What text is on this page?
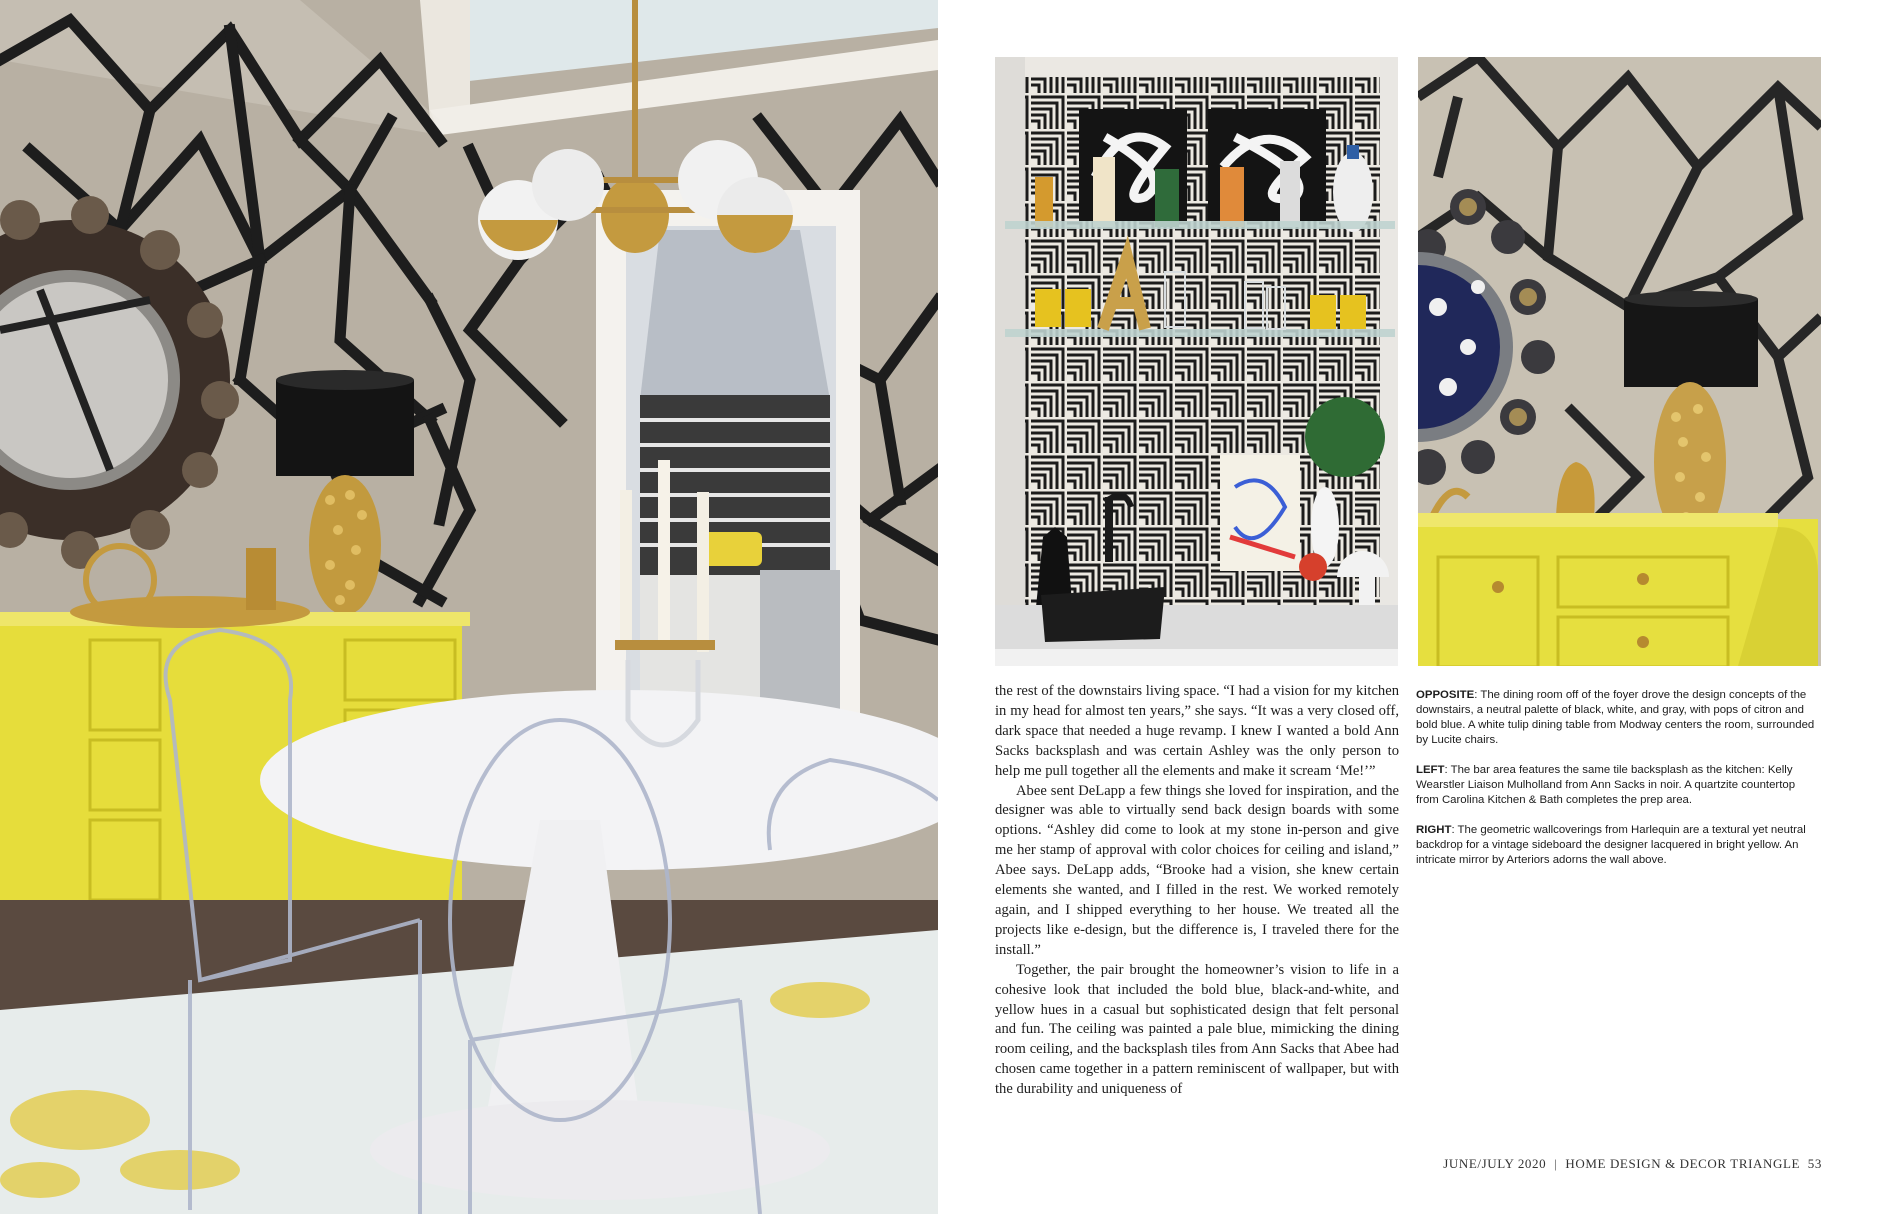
the rest of the downstairs living space. “I had a vision for my kitchen in my head for almost ten years,” she says. “It was a very closed off, dark space that needed a huge revamp. I knew I wanted a bold Ann Sacks backsplash and was certain Ashley was the only person to help me pull together all the elements and make it scream ‘Me!’”

Abee sent DeLapp a few things she loved for inspiration, and the designer was able to virtually send back design boards with some options. “Ashley did come to look at my stone in-person and give me her stamp of approval with color choices for ceiling and island,” Abee says. DeLapp adds, “Brooke had a vision, she knew certain elements she wanted, and I filled in the rest. We worked remotely again, and I shipped everything to her house. We treated all the projects like e-design, but the difference is, I traveled there for the install.”

Together, the pair brought the homeowner’s vision to life in a cohesive look that included the bold blue, black-and-white, and yellow hues in a casual but sophisticated design that felt personal and fun. The ceiling was painted a pale blue, mimicking the dining room ceiling, and the backsplash tiles from Ann Sacks that Abee had chosen came together in a pattern reminiscent of wallpaper, but with the durability and uniqueness of

OPPOSITE: The dining room off of the foyer drove the design concepts of the downstairs, a neutral palette of black, white, and gray, with pops of citron and bold blue. A white tulip dining table from Modway centers the room, surrounded by Lucite chairs.

LEFT: The bar area features the same tile backsplash as the kitchen: Kelly Wearstler Liaison Mulholland from Ann Sacks in noir. A quartzite countertop from Carolina Kitchen & Bath completes the prep area.

RIGHT: The geometric wallcoverings from Harlequin are a textural yet neutral backdrop for a vintage sideboard the designer lacquered in bright yellow. An intricate mirror by Arteriors adorns the wall above.

JUNE/JULY 2020 | HOME DESIGN & DECOR TRIANGLE 53
